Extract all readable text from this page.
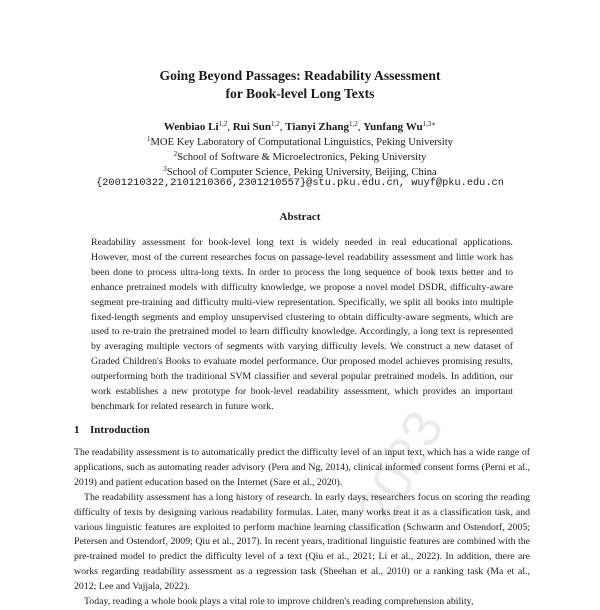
2023
Going Beyond Passages: Readability Assessment
for Book-level Long Texts
Wenbiao Li$^{1,2}$, Rui Sun$^{1,2}$, Tianyi Zhang$^{1,2}$, Yunfang $Wu^{1,3∗}$
$^1$MOE Key Laboratory of Computational Linguistics, Peking University
$^2$School of Software & Microelectronics, Peking University
$^3$School of Computer Science, Peking University, Beijing, China
{2001210322,2101210366,2301210557}@stu.pku.edu.cn, wuyf@pku.edu.cn
Abstract

Readability assessment for book-level long text is widely needed in real educational applications. However, most of the current researches focus on passage-level readability assessment and little work has been done to process ultra-long texts. In order to process the long sequence of book texts better and to enhance pretrained models with difficulty knowledge, we propose a novel model DSDR, difficulty-aware segment pre-training and difficulty multi-view representation. Specifically, we split all books into multiple fixed-length segments and employ unsupervised clustering to obtain difficulty-aware segments, which are used to re-train the pretrained model to learn difficulty knowledge. Accordingly, a long text is represented by averaging multiple vectors of segments with varying difficulty levels. We construct a new dataset of Graded Children's Books to evaluate model performance. Our proposed model achieves promising results, outperforming both the traditional SVM classifier and several popular pretrained models. In addition, our work establishes a new prototype for book-level readability assessment, which provides an important benchmark for related research in future work.

1 Introduction

The readability assessment is to automatically predict the difficulty level of an input text, which has a wide range of applications, such as automating reader advisory (Pera and Ng, 2014), clinical informed consent forms (Perni et al., 2019) and patient education based on the Internet (Sare et al., 2020).

The readability assessment has a long history of research. In early days, researchers focus on scoring the reading difficulty of texts by designing various readability formulas. Later, many works treat it as a classification task, and various linguistic features are exploited to perform machine learning classification (Schwarm and Ostendorf, 2005; Petersen and Ostendorf, 2009; Qiu et al., 2017). In recent years, traditional linguistic features are combined with the pre-trained model to predict the difficulty level of a text (Qiu et al., 2021; Li et al., 2022). In addition, there are works regarding readability assessment as a regression task (Sheehan et al., 2010) or a ranking task (Ma et al., 2012; Lee and Vajjala, 2022).

Today, reading a whole book plays a vital role to improve children's reading comprehension ability,
